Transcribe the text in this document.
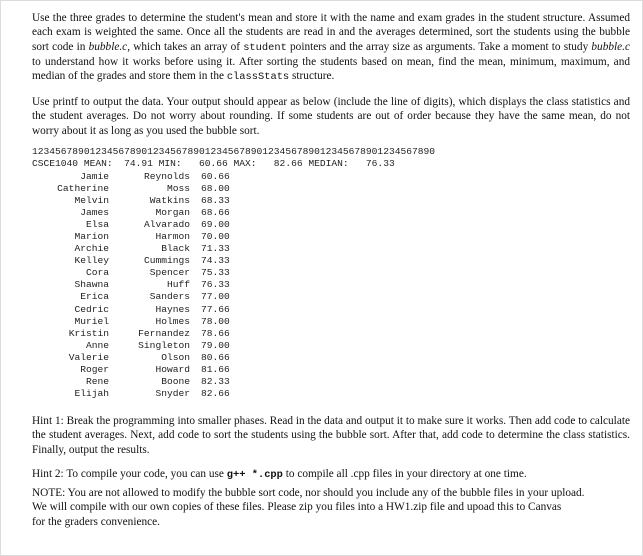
Use the three grades to determine the student's mean and store it with the name and exam grades in the student structure. Assumed each exam is weighted the same. Once all the students are read in and the averages determined, sort the students using the bubble sort code in bubble.c, which takes an array of student pointers and the array size as arguments. Take a moment to study bubble.c to understand how it works before using it. After sorting the students based on mean, find the mean, minimum, maximum, and median of the grades and store them in the classStats structure.

Use printf to output the data. Your output should appear as below (include the line of digits), which displays the class statistics and the student averages. Do not worry about rounding. If some students are out of order because they have the same mean, do not worry about it as long as you used the bubble sort.

1234567890123456789012345678901234567890123456789012345678901234567890
CSCE1040 MEAN:  74.91 MIN:   60.66 MAX:   82.66 MEDIAN:   76.33
Jamie	Reynolds 60.66
Catherine	Moss 68.00
Melvin	Watkins 68.33
James	Morgan 68.66
Elsa	Alvarado 69.00
Marion	Harmon 70.00
Archie	Black 71.33
Kelley	Cummings 74.33
Cora	Spencer 75.33
Shawna	Huff 76.33
Erica	Sanders 77.00
Cedric	Haynes 77.66
Muriel	Holmes 78.00
Kristin	Fernandez 78.66
Anne	Singleton 79.00
Valerie	Olson 80.66
Roger	Howard 81.66
Rene	Boone 82.33
Elijah	Snyder 82.66

Hint 1: Break the programming into smaller phases. Read in the data and output it to make sure it works. Then add code to calculate the student averages. Next, add code to sort the students using the bubble sort. After that, add code to determine the class statistics. Finally, output the results.

Hint 2: To compile your code, you can use g++ *.cpp to compile all .cpp files in your directory at one time.

NOTE: You are not allowed to modify the bubble sort code, nor should you include any of the bubble files in your upload.
We will compile with our own copies of these files. Please zip you files into a HW1.zip file and upoad this to Canvas
for the graders convenience.
